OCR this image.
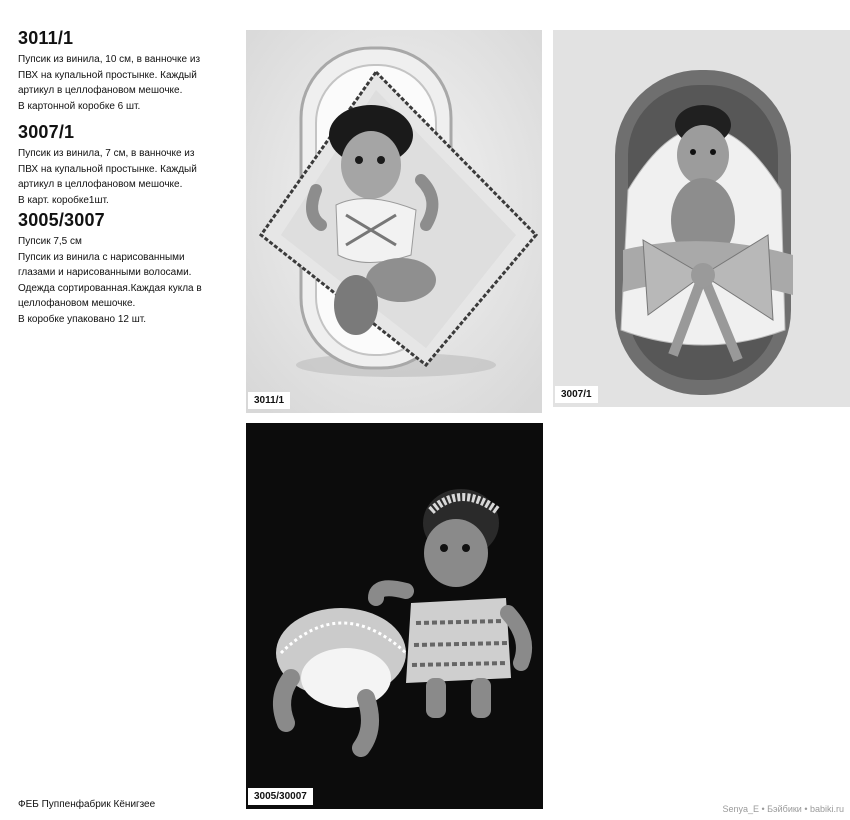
3011/1

Пупсик из винила, 10 см, в ванночке из

ПВХ на купальной простынке. Каждый

артикул в целлофановом мешочке.

В картонной коробке 6 шт.

3007/1

Пупсик из винила, 7 см, в ванночке из

ПВХ на купальной простынке. Каждый

артикул в целлофановом мешочке.

В карт. коробке1шт.

3005/3007

Пупсик 7,5 см

Пупсик из винила с нарисованными

глазами и нарисованными волосами.

Одежда сортированная.Каждая кукла в

целлофановом мешочке.

В коробке упаковано 12 шт.

3011/1
3007/1
3005/30007
ФЕБ Пуппенфабрик Кёнигзее	Senya_E • Бэйбики • babiki.ru
